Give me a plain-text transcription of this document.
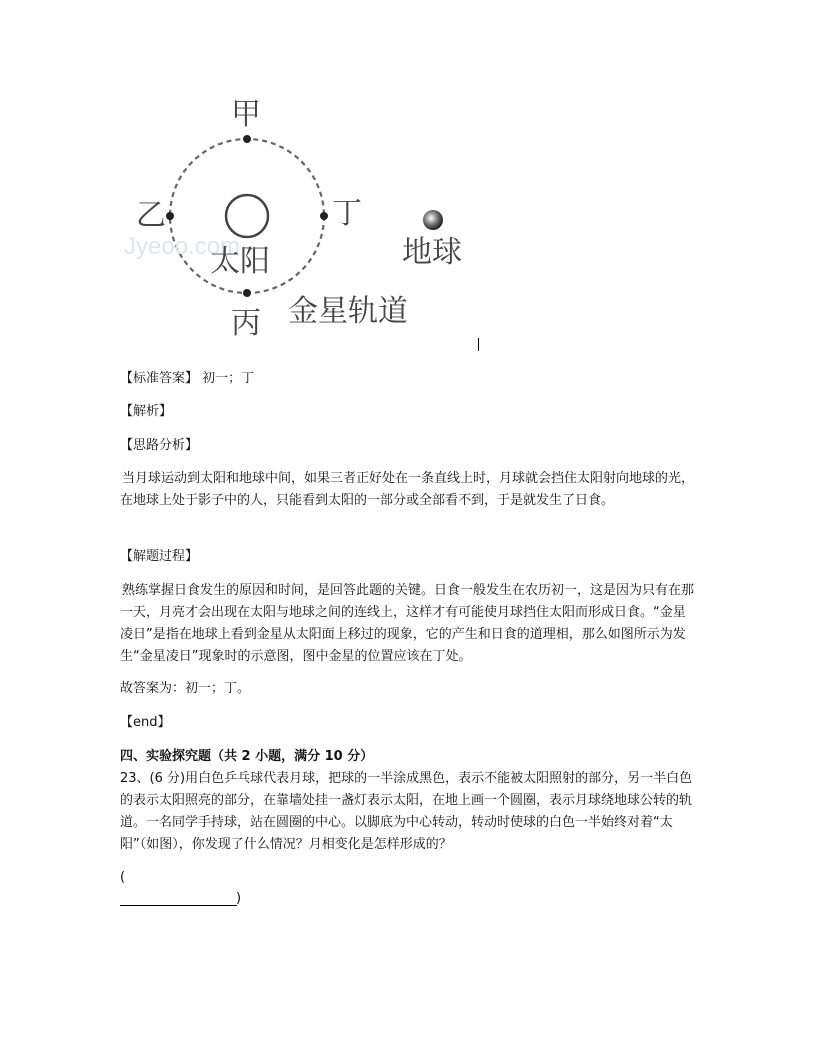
Jyeoo.com
甲
乙	丁
丙
太阳	地球
金星轨道

【标准答案】 初一；丁

【解析】

【思路分析】

当月球运动到太阳和地球中间，如果三者正好处在一条直线上时，月球就会挡住太阳射向地球的光，在地球上处于影子中的人，只能看到太阳的一部分或全部看不到，于是就发生了日食。

【解题过程】

熟练掌握日食发生的原因和时间，是回答此题的关键。日食一般发生在农历初一，这是因为只有在那一天，月亮才会出现在太阳与地球之间的连线上，这样才有可能使月球挡住太阳而形成日食。“金星凌日”是指在地球上看到金星从太阳面上移过的现象，它的产生和日食的道理相，那么如图所示为发生“金星凌日”现象时的示意图，图中金星的位置应该在丁处。

故答案为：初一；丁。

【end】

四、实验探究题（共 2 小题，满分 10 分）

23、(6 分)用白色乒乓球代表月球，把球的一半涂成黑色，表示不能被太阳照射的部分，另一半白色的表示太阳照亮的部分，在靠墙处挂一盏灯表示太阳，在地上画一个圆圈，表示月球绕地球公转的轨道。一名同学手持球，站在圆圈的中心。以脚底为中心转动，转动时使球的白色一半始终对着“太阳”（如图），你发现了什么情况？月相变化是怎样形成的？

(
)
